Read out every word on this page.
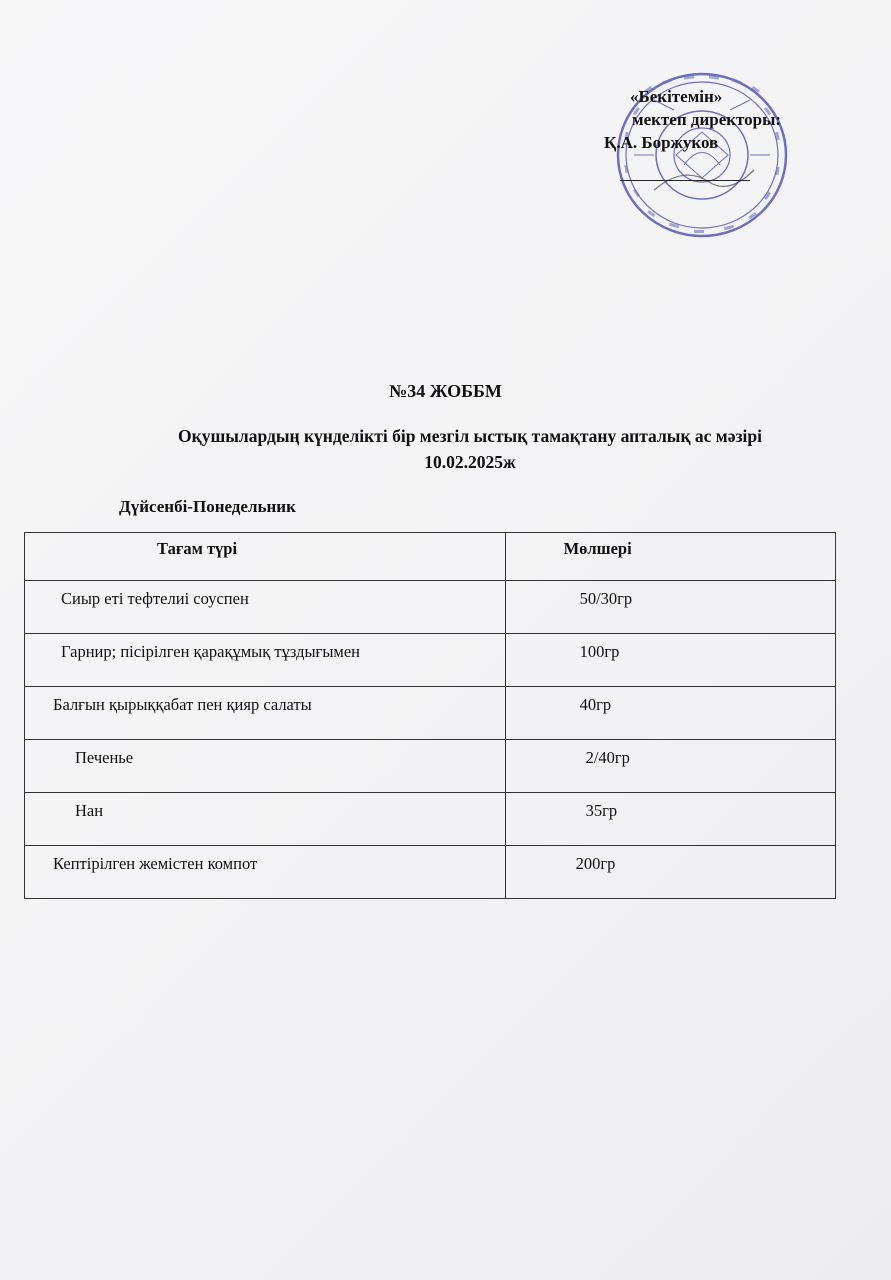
«Бекітемін»
мектеп директоры:
Қ.А. Боржуков
№34 ЖОББМ
Оқушылардың күнделікті бір мезгіл ыстық тамақтану апталық ас мәзірі
10.02.2025ж
Дүйсенбі-Понедельник
Тағам түрі	Мөлшері
Сиыр еті тефтелиі соуспен	50/30гр
Гарнир; пісірілген қарақұмық тұздығымен	100гр
Балғын қырыққабат пен қияр салаты	40гр
Печенье	2/40гр
Нан	35гр
Кептірілген жемістен компот	200гр
